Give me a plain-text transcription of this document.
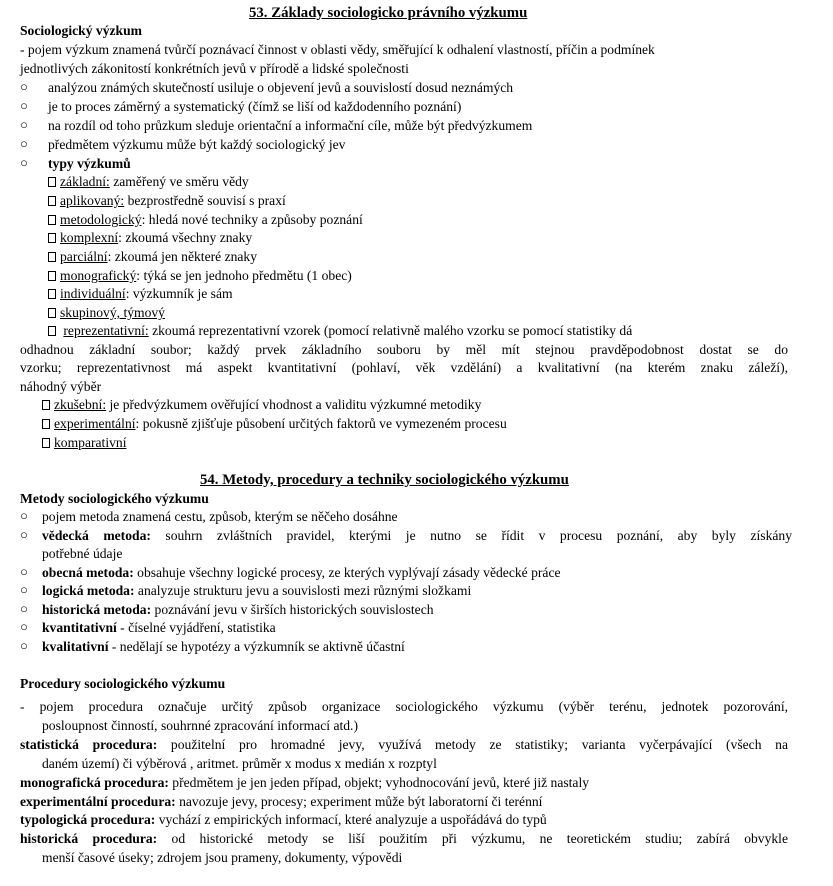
53. Základy sociologicko právního výzkumu
Sociologický výzkum
- pojem výzkum znamená tvůrčí poznávací činnost v oblasti vědy, směřující k odhalení vlastností, příčin a podmínek
jednotlivých zákonitostí konkrétních jevů v přírodě a lidské společnosti
○ analýzou známých skutečností usiluje o objevení jevů a souvislostí dosud neznámých
○ je to proces záměrný a systematický (čímž se liší od každodenního poznání)
○ na rozdíl od toho průzkum sleduje orientační a informační cíle, může být předvýzkumem
○ předmětem výzkumu může být každý sociologický jev
○ typy výzkumů
základní: zaměřený ve směru vědy
aplikovaný: bezprostředně souvisí s praxí
metodologický: hledá nové techniky a způsoby poznání
komplexní: zkoumá všechny znaky
parciální: zkoumá jen některé znaky
monografický: týká se jen jednoho předmětu (1 obec)
individuální: výzkumník je sám
skupinový, týmový
reprezentativní: zkoumá reprezentativní vzorek (pomocí relativně malého vzorku se pomocí statistiky dá
odhadnou základní soubor; každý prvek základního souboru by měl mít stejnou pravděpodobnost dostat se do
vzorku; reprezentativnost má aspekt kvantitativní (pohlaví, věk vzdělání) a kvalitativní (na kterém znaku záleží),
náhodný výběr
zkušební: je předvýzkumem ověřující vhodnost a validitu výzkumné metodiky
experimentální: pokusně zjišťuje působení určitých faktorů ve vymezeném procesu
komparativní
54. Metody, procedury a techniky sociologického výzkumu
Metody sociologického výzkumu
○ pojem metoda znamená cestu, způsob, kterým se něčeho dosáhne
○ vědecká metoda: souhrn zvláštních pravidel, kterými je nutno se řídit v procesu poznání, aby byly získány
potřebné údaje
○ obecná metoda: obsahuje všechny logické procesy, ze kterých vyplývají zásady vědecké práce
○ logická metoda: analyzuje strukturu jevu a souvislosti mezi různými složkami
○ historická metoda: poznávání jevu v širších historických souvislostech
○ kvantitativní - číselné vyjádření, statistika
○ kvalitativní - nedělají se hypotézy a výzkumník se aktivně účastní
Procedury sociologického výzkumu
- pojem procedura označuje určitý způsob organizace sociologického výzkumu (výběr terénu, jednotek pozorování,
posloupnost činností, souhrnné zpracování informací atd.)
statistická procedura: použitelní pro hromadné jevy, využívá metody ze statistiky; varianta vyčerpávající (všech na
daném území) či výběrová , aritmet. průměr x modus x medián x rozptyl
monografická procedura: předmětem je jen jeden případ, objekt; vyhodnocování jevů, které již nastaly
experimentální procedura: navozuje jevy, procesy; experiment může být laboratorní či terénní
typologická procedura: vychází z empirických informací, které analyzuje a uspořádává do typů
historická procedura: od historické metody se liší použitím při výzkumu, ne teoretickém studiu; zabírá obvykle
menší časové úseky; zdrojem jsou prameny, dokumenty, výpovědi
